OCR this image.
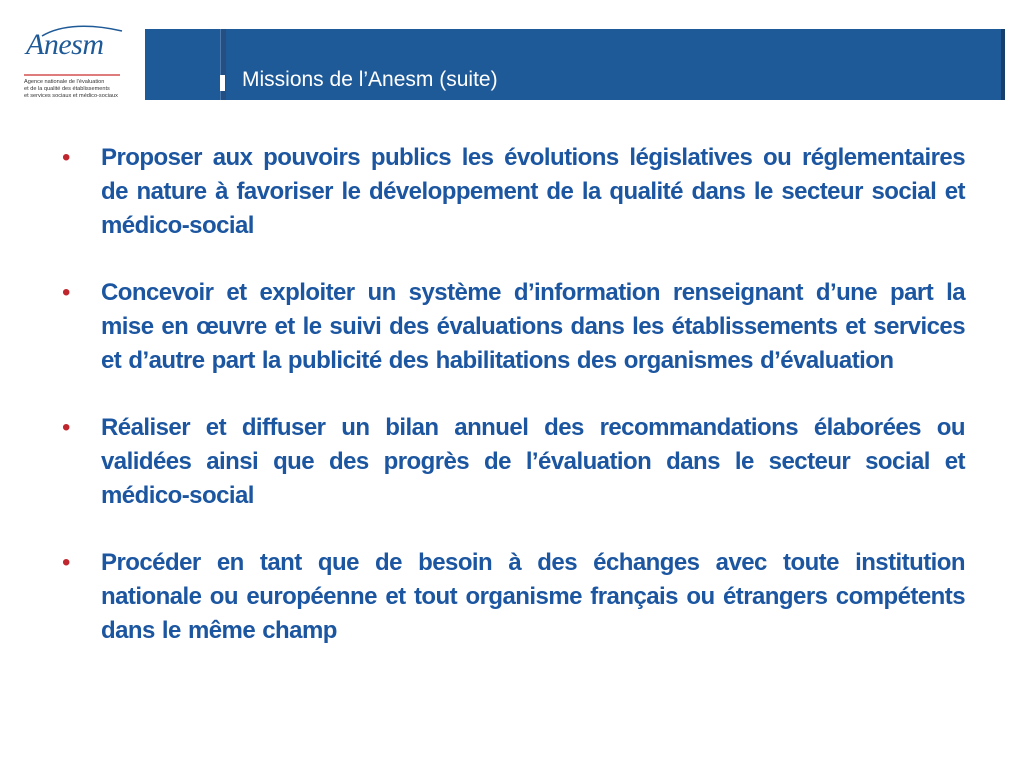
Anesm
Agence nationale de l'évaluation
et de la qualité des établissements
et services sociaux et médico-sociaux
Missions de l’Anesm (suite)
• Proposer aux pouvoirs publics les évolutions législatives ou réglementaires de nature à favoriser le développement de la qualité dans le secteur social et médico-social
• Concevoir et exploiter un système d’information renseignant d’une part la mise en œuvre et le suivi des évaluations dans les établissements et services et d’autre part la publicité des habilitations des organismes d’évaluation
• Réaliser et diffuser un bilan annuel des recommandations élaborées ou validées ainsi que des progrès de l’évaluation dans le secteur social et médico-social
• Procéder en tant que de besoin à des échanges avec toute institution nationale ou européenne et tout organisme français ou étrangers compétents dans le même champ
